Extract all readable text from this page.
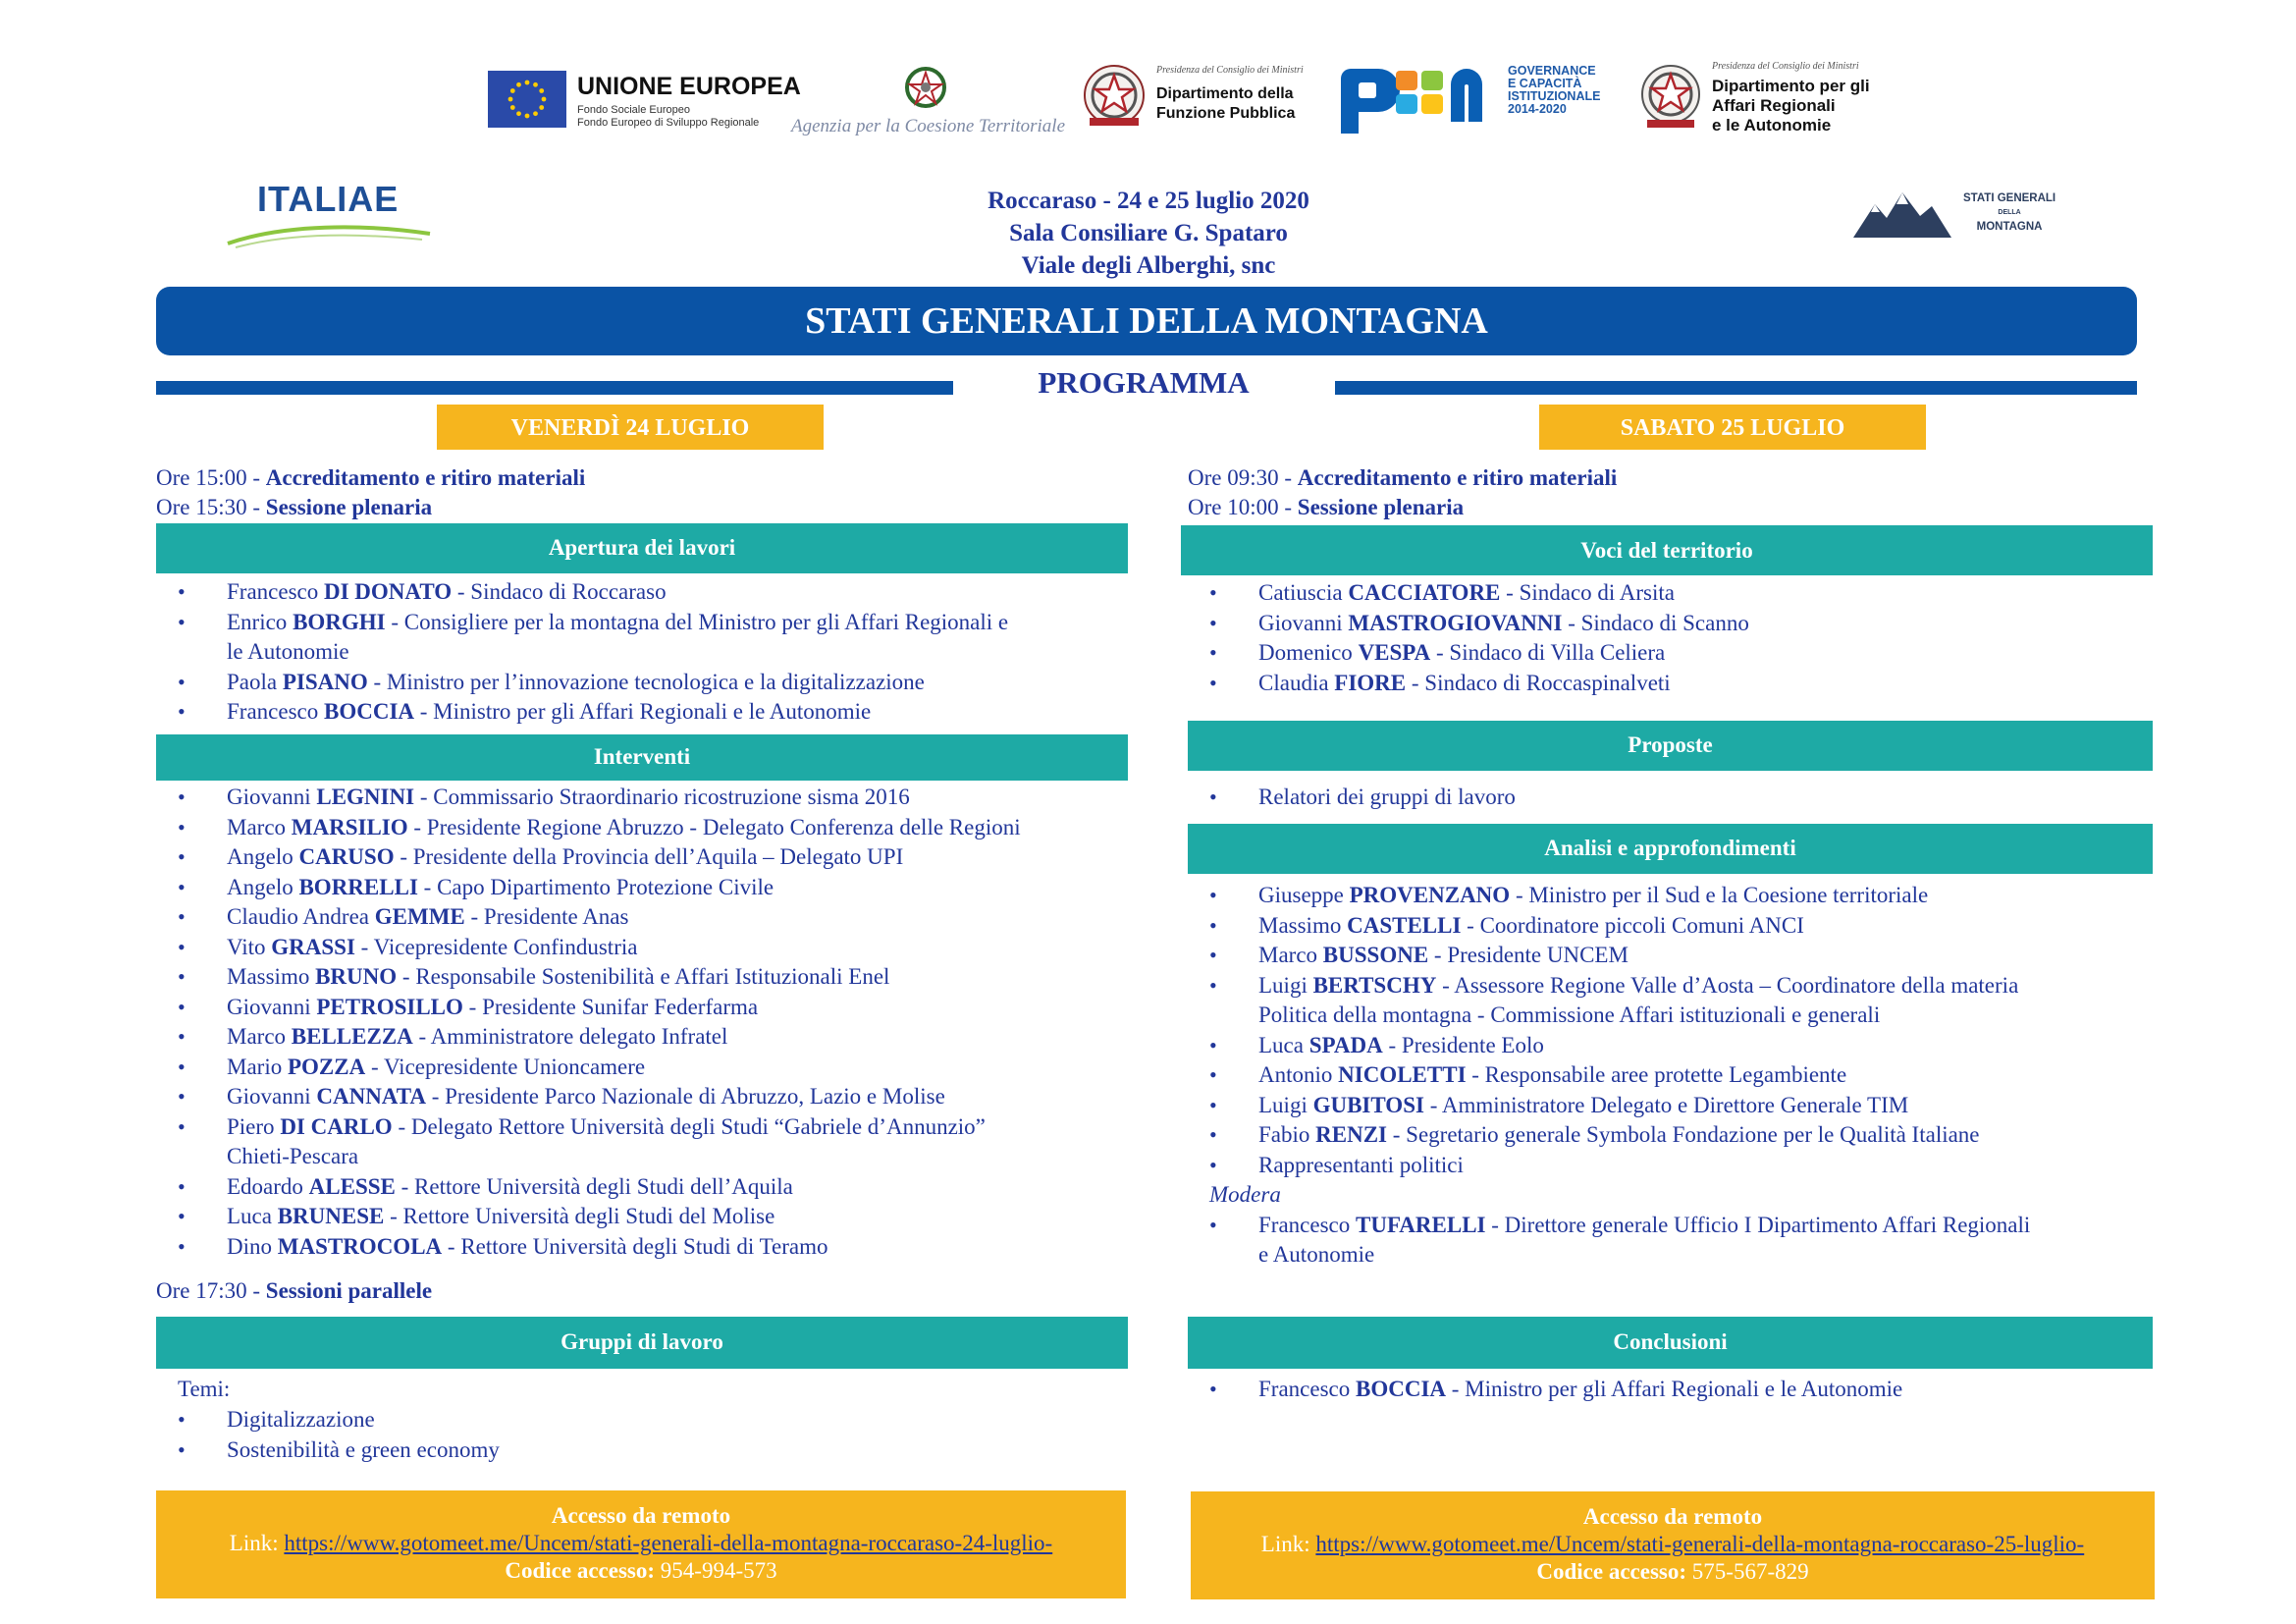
UNIONE EUROPEA
Fondo Sociale Europeo
Fondo Europeo di Sviluppo Regionale Agenzia per la Coesione Territoriale
Presidenza del Consiglio dei Ministri
Dipartimento della
Funzione Pubblica
GOVERNANCE
E CAPACITÀ
ISTITUZIONALE
2014-2020
Presidenza del Consiglio dei Ministri
Dipartimento per gli
Affari Regionali
e le Autonomie
ITALIAE	Roccaraso - 24 e 25 luglio 2020
Sala Consiliare G. Spataro
Viale degli Alberghi, snc
STATI GENERALI
DELLA
MONTAGNA
STATI GENERALI DELLA MONTAGNA
PROGRAMMA
VENERDÌ 24 LUGLIO
Ore 15:00 - Accreditamento e ritiro materiali
Ore 15:30 - Sessione plenaria
Apertura dei lavori
• Francesco DI DONATO - Sindaco di Roccaraso
• Enrico BORGHI - Consigliere per la montagna del Ministro per gli Affari Regionali e
le Autonomie
• Paola PISANO - Ministro per l’innovazione tecnologica e la digitalizzazione
• Francesco BOCCIA - Ministro per gli Affari Regionali e le Autonomie
Interventi
• Giovanni LEGNINI - Commissario Straordinario ricostruzione sisma 2016
• Marco MARSILIO - Presidente Regione Abruzzo - Delegato Conferenza delle Regioni
• Angelo CARUSO - Presidente della Provincia dell’Aquila – Delegato UPI
• Angelo BORRELLI - Capo Dipartimento Protezione Civile
• Claudio Andrea GEMME - Presidente Anas
• Vito GRASSI - Vicepresidente Confindustria
• Massimo BRUNO - Responsabile Sostenibilità e Affari Istituzionali Enel
• Giovanni PETROSILLO - Presidente Sunifar Federfarma
• Marco BELLEZZA - Amministratore delegato Infratel
• Mario POZZA - Vicepresidente Unioncamere
• Giovanni CANNATA - Presidente Parco Nazionale di Abruzzo, Lazio e Molise
• Piero DI CARLO - Delegato Rettore Università degli Studi “Gabriele d’Annunzio”
Chieti-Pescara
• Edoardo ALESSE - Rettore Università degli Studi dell’Aquila
• Luca BRUNESE - Rettore Università degli Studi del Molise
• Dino MASTROCOLA - Rettore Università degli Studi di Teramo
Ore 17:30 - Sessioni parallele
Gruppi di lavoro
Temi:
• Digitalizzazione
• Sostenibilità e green economy
Accesso da remoto
Link: https://www.gotomeet.me/Uncem/stati-generali-della-montagna-roccaraso-24-luglio-
Codice accesso: 954-994-573
SABATO 25 LUGLIO
Ore 09:30 - Accreditamento e ritiro materiali
Ore 10:00 - Sessione plenaria
Voci del territorio
• Catiuscia CACCIATORE - Sindaco di Arsita
• Giovanni MASTROGIOVANNI - Sindaco di Scanno
• Domenico VESPA - Sindaco di Villa Celiera
• Claudia FIORE - Sindaco di Roccaspinalveti
Proposte
• Relatori dei gruppi di lavoro
Analisi e approfondimenti
• Giuseppe PROVENZANO - Ministro per il Sud e la Coesione territoriale
• Massimo CASTELLI - Coordinatore piccoli Comuni ANCI
• Marco BUSSONE - Presidente UNCEM
• Luigi BERTSCHY - Assessore Regione Valle d’Aosta – Coordinatore della materia
Politica della montagna - Commissione Affari istituzionali e generali
• Luca SPADA - Presidente Eolo
• Antonio NICOLETTI - Responsabile aree protette Legambiente
• Luigi GUBITOSI - Amministratore Delegato e Direttore Generale TIM
• Fabio RENZI - Segretario generale Symbola Fondazione per le Qualità Italiane
• Rappresentanti politici
Modera
• Francesco TUFARELLI - Direttore generale Ufficio I Dipartimento Affari Regionali
e Autonomie
Conclusioni
• Francesco BOCCIA - Ministro per gli Affari Regionali e le Autonomie
Accesso da remoto
Link: https://www.gotomeet.me/Uncem/stati-generali-della-montagna-roccaraso-25-luglio-
Codice accesso: 575-567-829
